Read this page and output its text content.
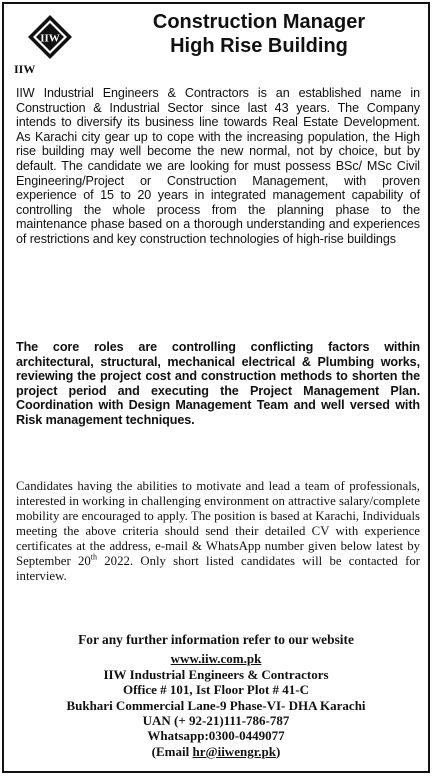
IIW
IIW
Construction Manager
High Rise Building
IIW Industrial Engineers & Contractors is an established name in Construction & Industrial Sector since last 43 years. The Company intends to diversify its business line towards Real Estate Development. As Karachi city gear up to cope with the increasing population, the High rise building may well become the new normal, not by choice, but by default. The candidate we are looking for must possess BSc/ MSc Civil Engineering/Project or Construction Management, with proven experience of 15 to 20 years in integrated management capability of controlling the whole process from the planning phase to the maintenance phase based on a thorough understanding and experiences of restrictions and key construction technologies of high-rise buildings
The core roles are controlling conflicting factors within architectural, structural, mechanical electrical & Plumbing works, reviewing the project cost and construction methods to shorten the project period and executing the Project Management Plan. Coordination with Design Management Team and well versed with Risk management techniques.
Candidates having the abilities to motivate and lead a team of professionals, interested in working in challenging environment on attractive salary/complete mobility are encouraged to apply. The position is based at Karachi, Individuals meeting the above criteria should send their detailed CV with experience certificates at the address, e-mail & WhatsApp number given below latest by September 20th 2022. Only short listed candidates will be contacted for interview.
For any further information refer to our website
www.iiw.com.pk
IIW Industrial Engineers & Contractors
Office # 101, Ist Floor Plot # 41-C
Bukhari Commercial Lane-9 Phase-VI- DHA Karachi
UAN (+ 92-21)111-786-787
Whatsapp:0300-0449077
(Email hr@iiwengr.pk)
